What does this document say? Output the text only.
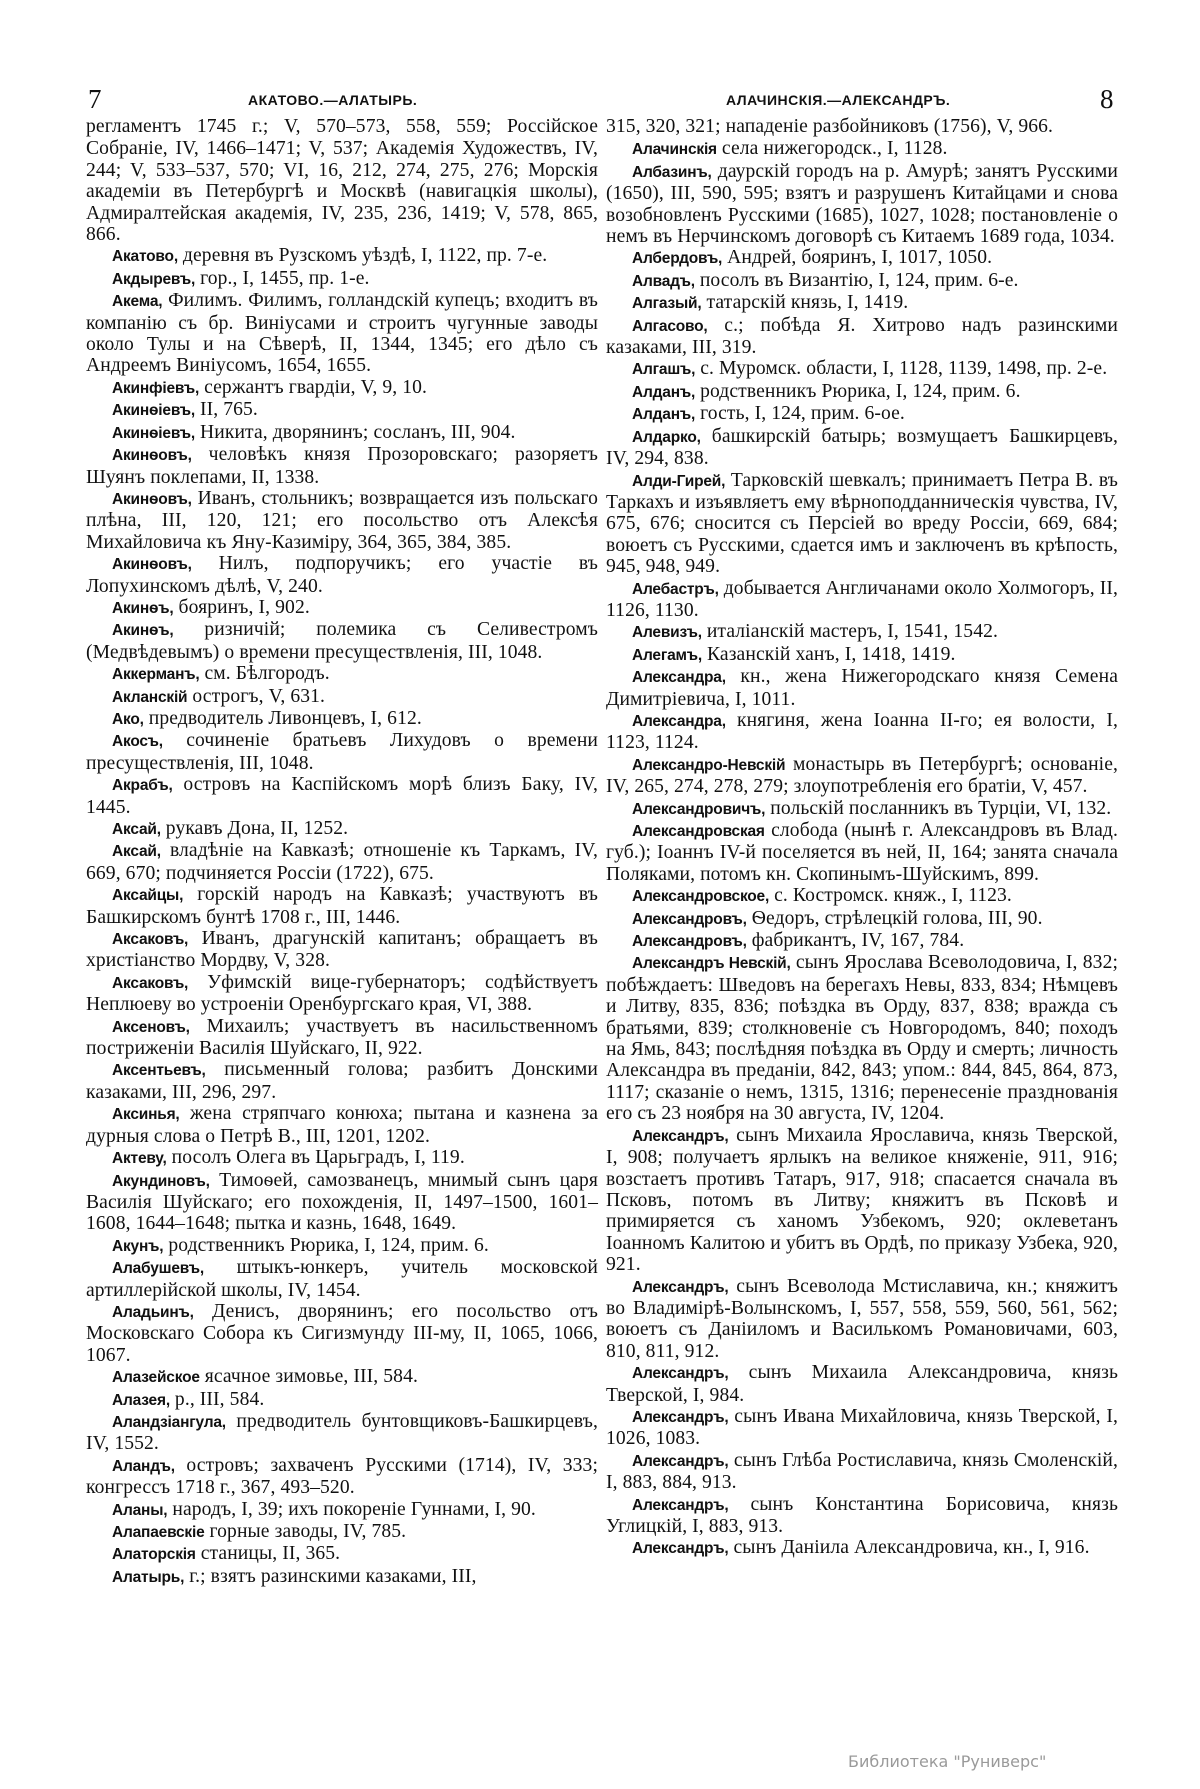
7	АКАТОВО.—АЛАТЫРЬ.	АЛАЧИНСКІЯ.—АЛЕКСАНДРЪ.	8

регламентъ 1745 г.; V, 570–573, 558, 559; Россійское Собраніе, IV, 1466–1471; V, 537; Академія Художествъ, IV, 244; V, 533–537, 570; VI, 16, 212, 274, 275, 276; Морскія академіи въ Петербургѣ и Москвѣ (навигацкія школы), Адмиралтейская академія, IV, 235, 236, 1419; V, 578, 865, 866.

Акатово, деревня въ Рузскомъ уѣздѣ, I, 1122, пр. 7-е.

Акдыревъ, гор., I, 1455, пр. 1-е.

Акема, Филимъ. Филимъ, голландскій купецъ; входитъ въ компанію съ бр. Виніусами и строитъ чугунные заводы около Тулы и на Сѣверѣ, II, 1344, 1345; его дѣло съ Андреемъ Виніусомъ, 1654, 1655.

Акинфіевъ, сержантъ гвардіи, V, 9, 10.

Акинѳіевъ, II, 765.

Акинѳіевъ, Никита, дворянинъ; сосланъ, III, 904.

Акинѳовъ, человѣкъ князя Прозоровскаго; разоряетъ Шуянъ поклепами, II, 1338.

Акинѳовъ, Иванъ, стольникъ; возвращается изъ польскаго плѣна, III, 120, 121; его посольство отъ Алексѣя Михайловича къ Яну-Казиміру, 364, 365, 384, 385.

Акинѳовъ, Нилъ, подпоручикъ; его участіе въ Лопухинскомъ дѣлѣ, V, 240.

Акинѳъ, бояринъ, I, 902.

Акинѳъ, ризничій; полемика съ Селивестромъ (Медвѣдевымъ) о времени пресуществленія, III, 1048.

Аккерманъ, см. Бѣлгородъ.

Акланскій острогъ, V, 631.

Ако, предводитель Ливонцевъ, I, 612.

Акосъ, сочиненіе братьевъ Лихудовъ о времени пресуществленія, III, 1048.

Акрабъ, островъ на Каспійскомъ морѣ близъ Баку, IV, 1445.

Аксай, рукавъ Дона, II, 1252.

Аксай, владѣніе на Кавказѣ; отношеніе къ Таркамъ, IV, 669, 670; подчиняется Россіи (1722), 675.

Аксайцы, горскій народъ на Кавказѣ; участвуютъ въ Башкирскомъ бунтѣ 1708 г., III, 1446.

Аксаковъ, Иванъ, драгунскій капитанъ; обращаетъ въ христіанство Мордву, V, 328.

Аксаковъ, Уфимскій вице-губернаторъ; содѣйствуетъ Неплюеву во устроеніи Оренбургскаго края, VI, 388.

Аксеновъ, Михаилъ; участвуетъ въ насильственномъ постриженіи Василія Шуйскаго, II, 922.

Аксентьевъ, письменный голова; разбитъ Донскими казаками, III, 296, 297.

Аксинья, жена стряпчаго конюха; пытана и казнена за дурныя слова о Петрѣ В., III, 1201, 1202.

Актеву, посолъ Олега въ Царьградъ, I, 119.

Акундиновъ, Тимоѳей, самозванецъ, мнимый сынъ царя Василія Шуйскаго; его похожденія, II, 1497–1500, 1601–1608, 1644–1648; пытка и казнь, 1648, 1649.

Акунъ, родственникъ Рюрика, I, 124, прим. 6.

Алабушевъ, штыкъ-юнкеръ, учитель московской артиллерійской школы, IV, 1454.

Аладьинъ, Денисъ, дворянинъ; его посольство отъ Московскаго Собора къ Сигизмунду III-му, II, 1065, 1066, 1067.

Алазейское ясачное зимовье, III, 584.

Алазея, р., III, 584.

Аландзіангула, предводитель бунтовщиковъ-Башкирцевъ, IV, 1552.

Аландъ, островъ; захваченъ Русскими (1714), IV, 333; конгрессъ 1718 г., 367, 493–520.

Аланы, народъ, I, 39; ихъ покореніе Гуннами, I, 90.

Алапаевскіе горные заводы, IV, 785.

Алаторскія станицы, II, 365.

Алатырь, г.; взятъ разинскими казаками, III,

315, 320, 321; нападеніе разбойниковъ (1756), V, 966.

Алачинскія села нижегородск., I, 1128.

Албазинъ, даурскій городъ на р. Амурѣ; занятъ Русскими (1650), III, 590, 595; взятъ и разрушенъ Китайцами и снова возобновленъ Русскими (1685), 1027, 1028; постановленіе о немъ въ Нерчинскомъ договорѣ съ Китаемъ 1689 года, 1034.

Албердовъ, Андрей, бояринъ, I, 1017, 1050.

Алвадъ, посолъ въ Византію, I, 124, прим. 6-е.

Алгазый, татарскій князь, I, 1419.

Алгасово, с.; побѣда Я. Хитрово надъ разинскими казаками, III, 319.

Алгашъ, с. Муромск. области, I, 1128, 1139, 1498, пр. 2-е.

Алданъ, родственникъ Рюрика, I, 124, прим. 6.

Алданъ, гость, I, 124, прим. 6-ое.

Алдарко, башкирскій батырь; возмущаетъ Башкирцевъ, IV, 294, 838.

Алди-Гирей, Тарковскій шевкалъ; принимаетъ Петра В. въ Таркахъ и изъявляетъ ему вѣрноподданническія чувства, IV, 675, 676; сносится съ Персіей во вреду Россіи, 669, 684; воюетъ съ Русскими, сдается имъ и заключенъ въ крѣпость, 945, 948, 949.

Алебастръ, добывается Англичанами около Холмогоръ, II, 1126, 1130.

Алевизъ, италіанскій мастеръ, I, 1541, 1542.

Алегамъ, Казанскій ханъ, I, 1418, 1419.

Александра, кн., жена Нижегородскаго князя Семена Димитріевича, I, 1011.

Александра, княгиня, жена Іоанна II-го; ея волости, I, 1123, 1124.

Александро-Невскій монастырь въ Петербургѣ; основаніе, IV, 265, 274, 278, 279; злоупотребленія его братіи, V, 457.

Александровичъ, польскій посланникъ въ Турціи, VI, 132.

Александровская слобода (нынѣ г. Александровъ въ Влад. губ.); Іоаннъ IV-й поселяется въ ней, II, 164; занята сначала Поляками, потомъ кн. Скопинымъ-Шуйскимъ, 899.

Александровское, с. Костромск. княж., I, 1123.

Александровъ, Ѳедоръ, стрѣлецкій голова, III, 90.

Александровъ, фабрикантъ, IV, 167, 784.

Александръ Невскій, сынъ Ярослава Всеволодовича, I, 832; побѣждаетъ: Шведовъ на берегахъ Невы, 833, 834; Нѣмцевъ и Литву, 835, 836; поѣздка въ Орду, 837, 838; вражда съ братьями, 839; столкновеніе съ Новгородомъ, 840; походъ на Ямь, 843; послѣдняя поѣздка въ Орду и смерть; личность Александра въ преданіи, 842, 843; упом.: 844, 845, 864, 873, 1117; сказаніе о немъ, 1315, 1316; перенесеніе празднованія его съ 23 ноября на 30 августа, IV, 1204.

Александръ, сынъ Михаила Ярославича, князь Тверской, I, 908; получаетъ ярлыкъ на великое княженіе, 911, 916; возстаетъ противъ Татаръ, 917, 918; спасается сначала въ Псковъ, потомъ въ Литву; княжитъ въ Псковѣ и примиряется съ ханомъ Узбекомъ, 920; оклеветанъ Іоанномъ Калитою и убитъ въ Ордѣ, по приказу Узбека, 920, 921.

Александръ, сынъ Всеволода Мстиславича, кн.; княжитъ во Владимірѣ-Волынскомъ, I, 557, 558, 559, 560, 561, 562; воюетъ съ Даніиломъ и Василькомъ Романовичами, 603, 810, 811, 912.

Александръ, сынъ Михаила Александровича, князь Тверской, I, 984.

Александръ, сынъ Ивана Михайловича, князь Тверской, I, 1026, 1083.

Александръ, сынъ Глѣба Ростиславича, князь Смоленскій, I, 883, 884, 913.

Александръ, сынъ Константина Борисовича, князь Углицкій, I, 883, 913.

Александръ, сынъ Даніила Александровича, кн., I, 916.

Библиотека "Руниверс"
